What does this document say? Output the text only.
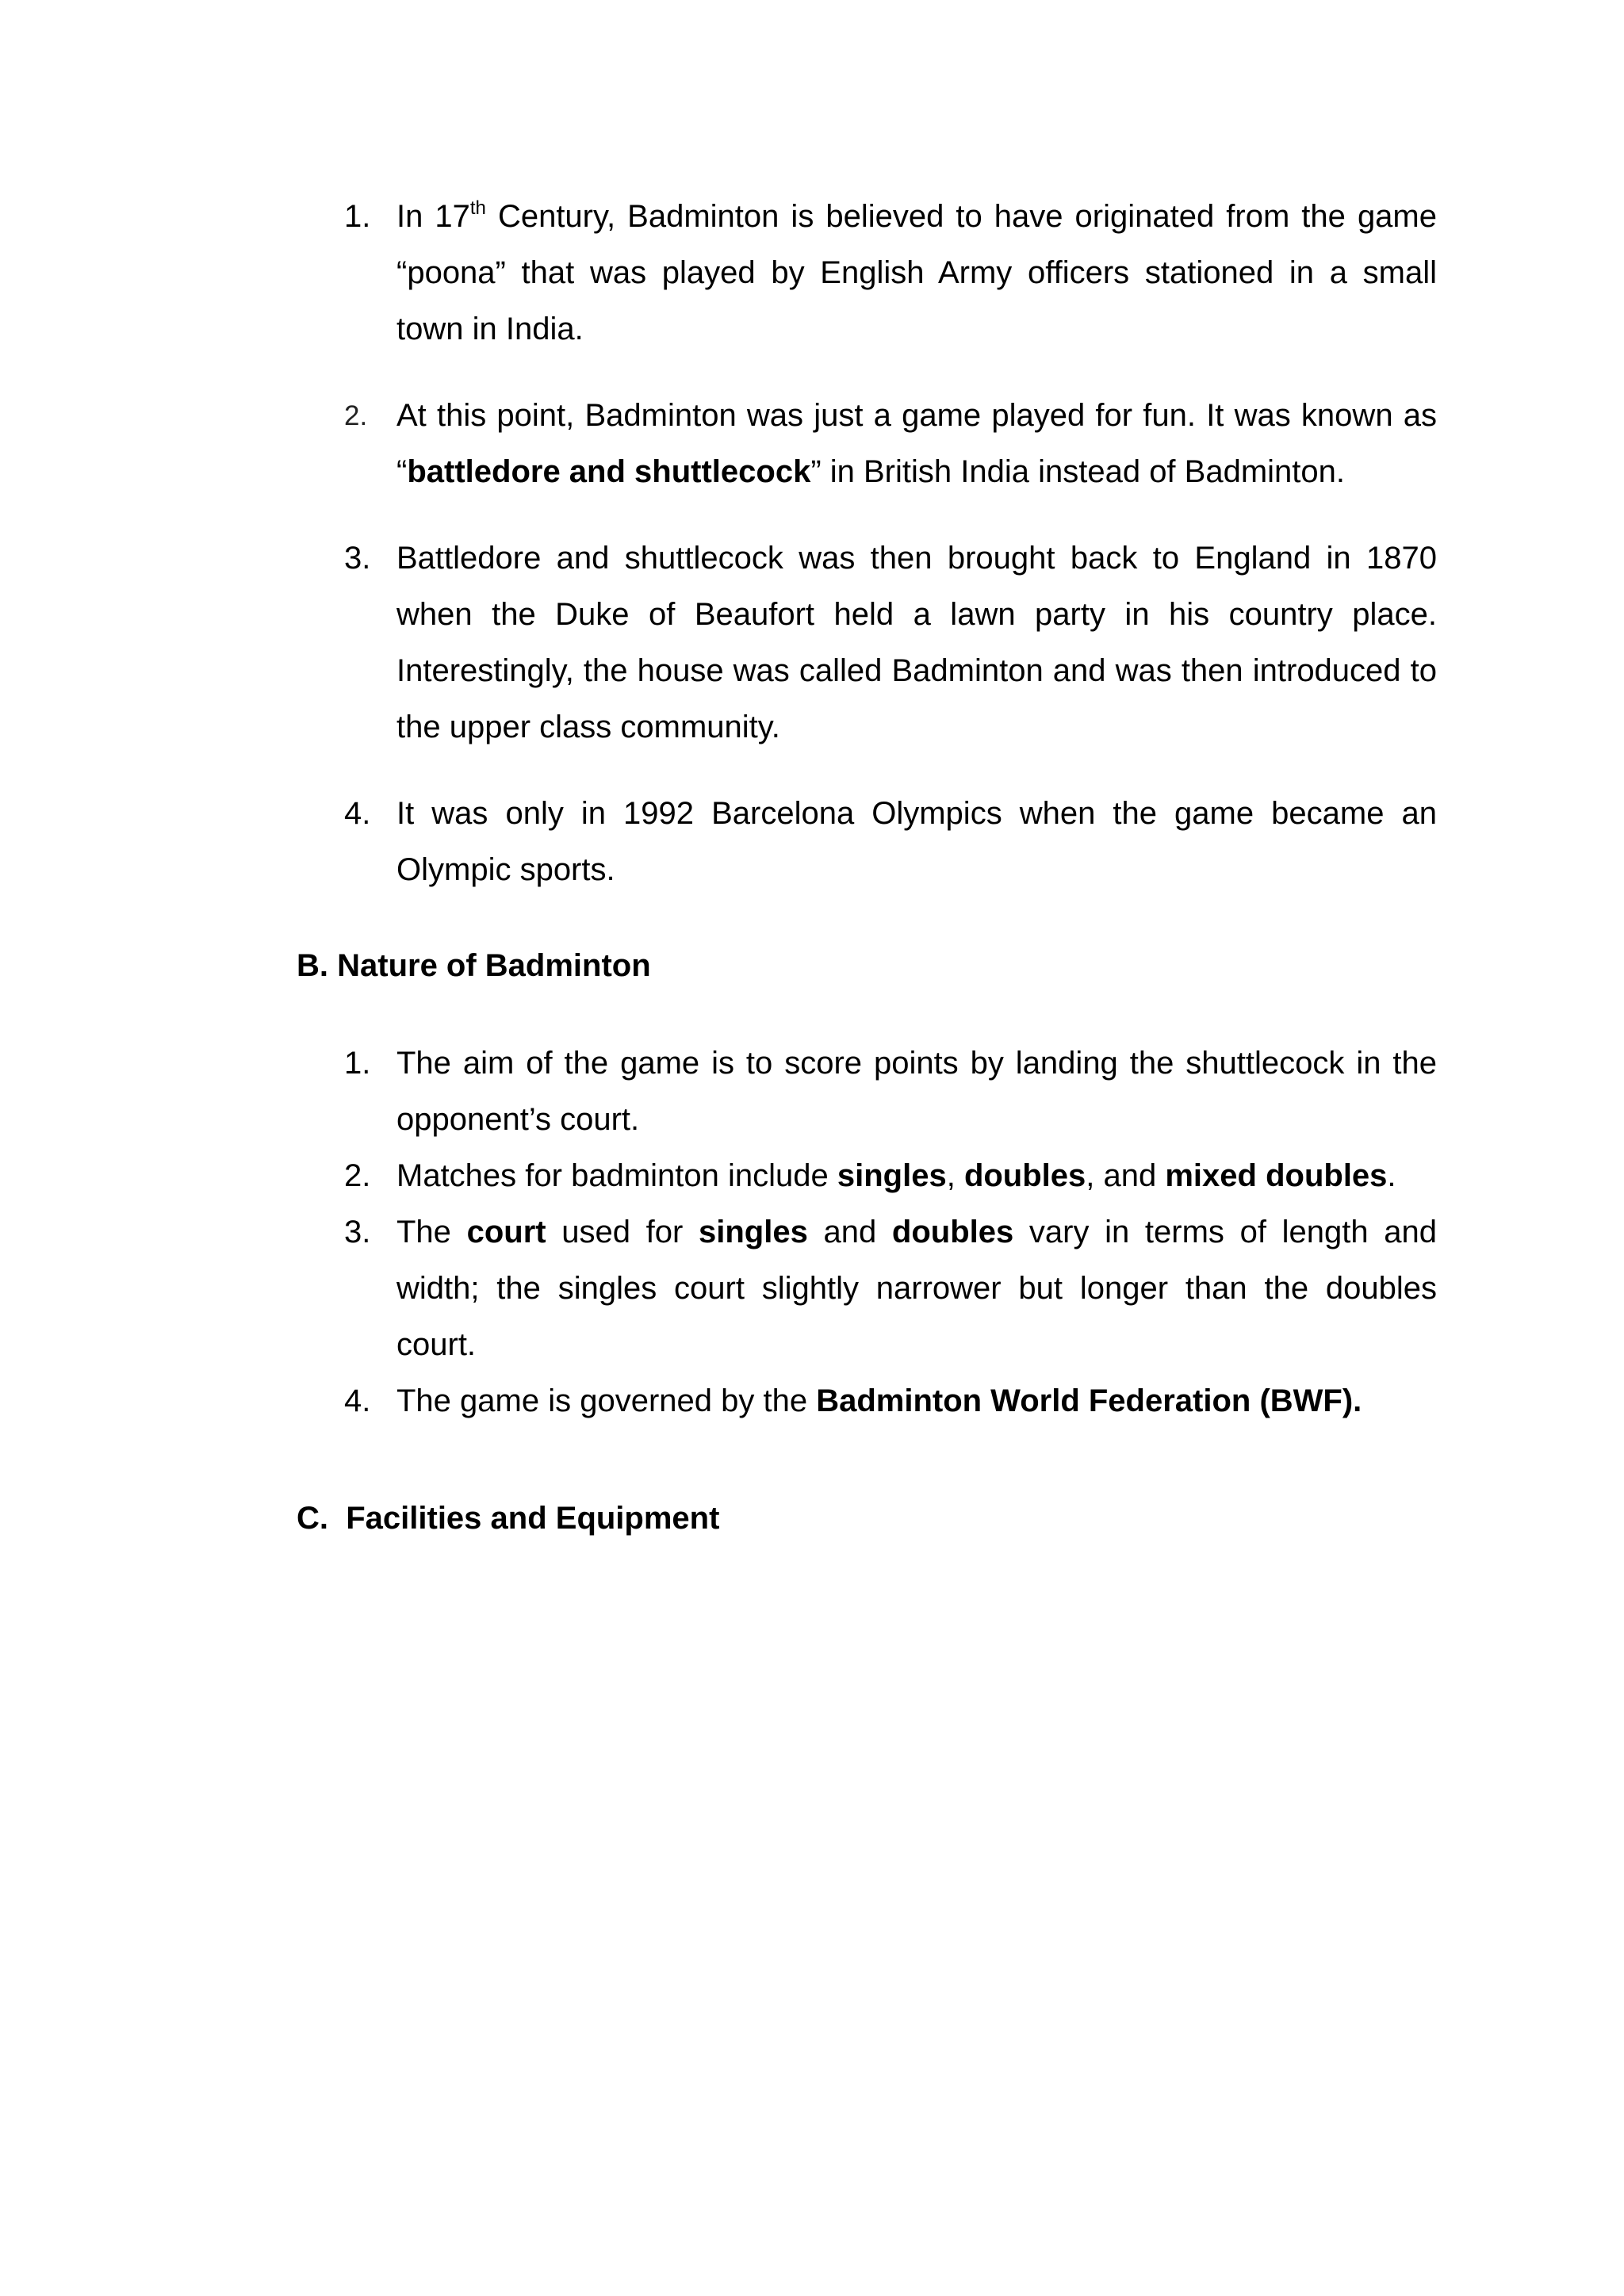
1. In 17th Century, Badminton is believed to have originated from the game “poona” that was played by English Army officers stationed in a small town in India.
2. At this point, Badminton was just a game played for fun. It was known as “battledore and shuttlecock” in British India instead of Badminton.
3. Battledore and shuttlecock was then brought back to England in 1870 when the Duke of Beaufort held a lawn party in his country place. Interestingly, the house was called Badminton and was then introduced to the upper class community.
4. It was only in 1992 Barcelona Olympics when the game became an Olympic sports.
B. Nature of Badminton
1. The aim of the game is to score points by landing the shuttlecock in the opponent’s court.
2. Matches for badminton include singles, doubles, and mixed doubles.
3. The court used for singles and doubles vary in terms of length and width; the singles court slightly narrower but longer than the doubles court.
4. The game is governed by the Badminton World Federation (BWF).
C.  Facilities and Equipment
